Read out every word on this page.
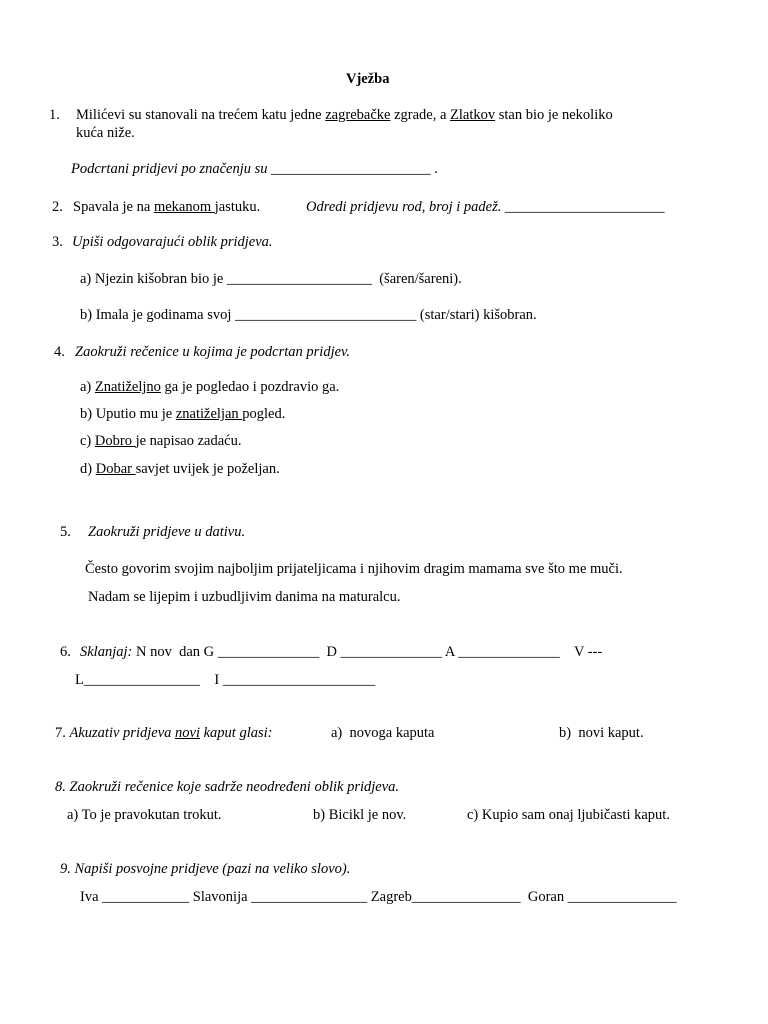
Vježba
1. Milićevi su stanovali na trećem katu jedne zagrebačke zgrade, a Zlatkov stan bio je nekoliko
kuća niže.
Podcrtani pridjevi po značenju su ______________________ .
2. Spavala je na mekanom jastuku.	Odredi pridjevu rod, broj i padež. ______________________
3. Upiši odgovarajući oblik pridjeva.
a) Njezin kišobran bio je ____________________  (šaren/šareni).
b) Imala je godinama svoj _________________________ (star/stari) kišobran.
4. Zaokruži rečenice u kojima je podcrtan pridjev.
a) Znatiželjno ga je pogledao i pozdravio ga.
b) Uputio mu je znatiželjan pogled.
c) Dobro je napisao zadaću.
d) Dobar savjet uvijek je poželjan.
5. Zaokruži pridjeve u dativu.
Često govorim svojim najboljim prijateljicama i njihovim dragim mamama sve što me muči.
Nadam se lijepim i uzbudljivim danima na maturalcu.
6. Sklanjaj: N nov  dan G ______________  D ______________ A ______________    V ---
L________________    I _____________________
7. Akuzativ pridjeva novi kaput glasi:	a)  novoga kaputa	b)  novi kaput.
8. Zaokruži rečenice koje sadrže neodređeni oblik pridjeva.
a) To je pravokutan trokut.	b) Bicikl je nov.	c) Kupio sam onaj ljubičasti kaput.
9. Napiši posvojne pridjeve (pazi na veliko slovo).
Iva ____________ Slavonija ________________ Zagreb_______________  Goran _______________
